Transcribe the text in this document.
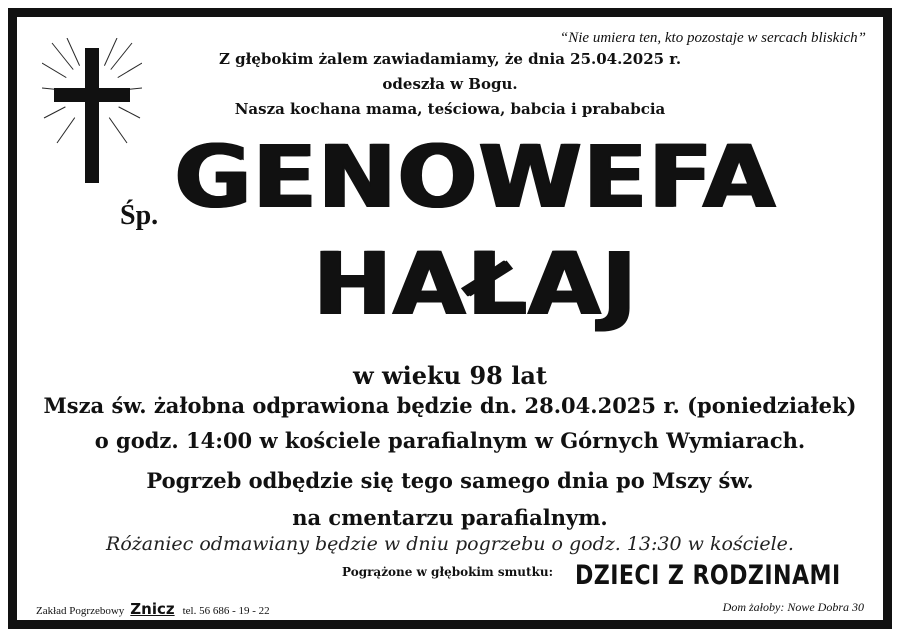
“Nie umiera ten, kto pozostaje w sercach bliskich”
Z głębokim żalem zawiadamiamy, że dnia 25.04.2025 r.
odeszła w Bogu.
Nasza kochana mama, teściowa, babcia i prababcia
Śp. GENOWEFA
HAŁAJ
w wieku 98 lat
Msza św. żałobna odprawiona będzie dn. 28.04.2025 r. (poniedziałek)
o godz. 14:00 w kościele parafialnym w Górnych Wymiarach.
Pogrzeb odbędzie się tego samego dnia po Mszy św.
na cmentarzu parafialnym.
Różaniec odmawiany będzie w dniu pogrzebu o godz. 13:30 w kościele.
Pogrążone w głębokim smutku: DZIECI Z RODZINAMI
Zakład Pogrzebowy Znicz tel. 56 686 - 19 - 22	Dom żałoby: Nowe Dobra 30
